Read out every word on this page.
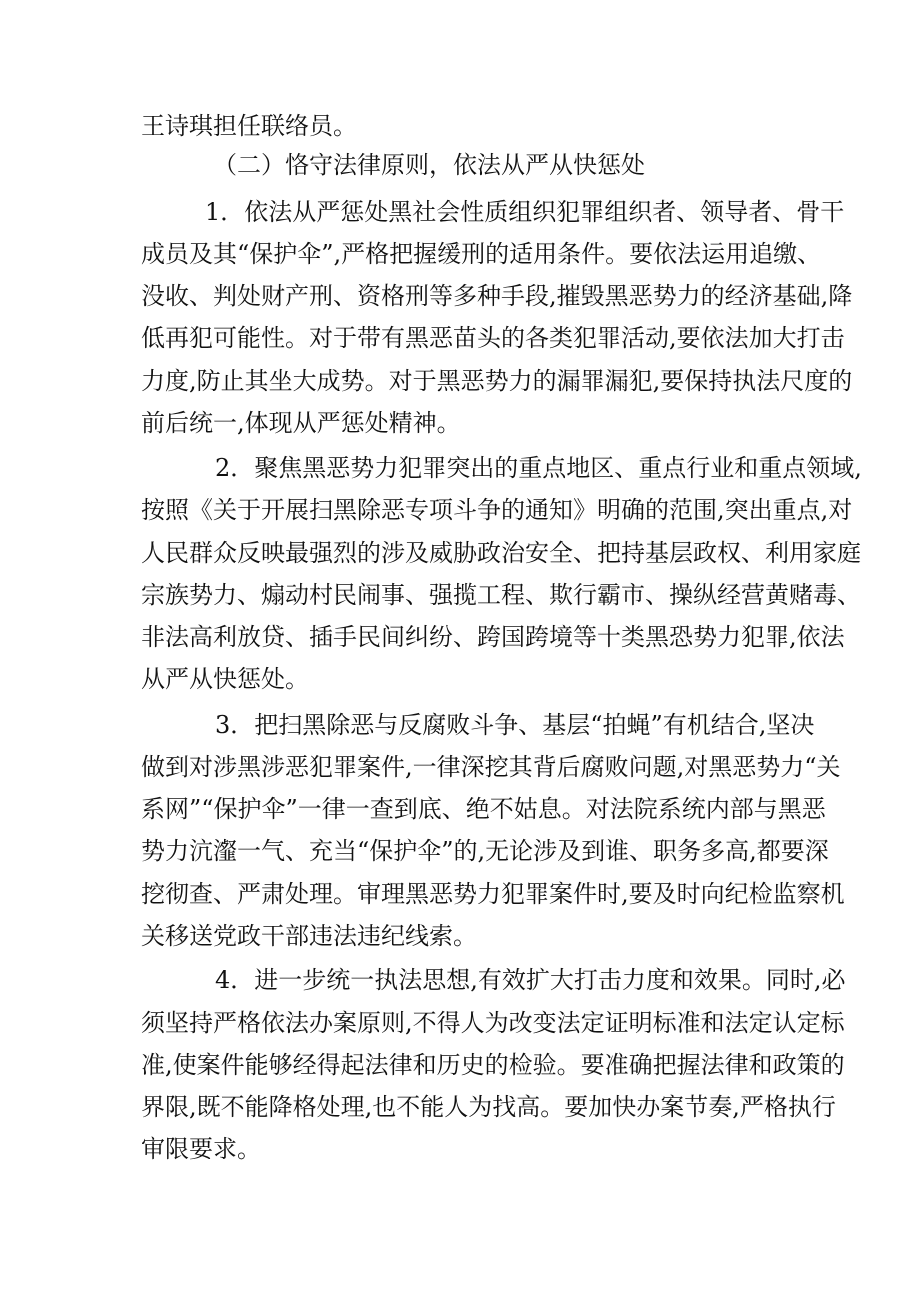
王诗琪担任联络员。

（二）恪守法律原则，依法从严从快惩处

1．依法从严惩处黑社会性质组织犯罪组织者、领导者、骨干

成员及其“保护伞”,严格把握缓刑的适用条件。要依法运用追缴、

没收、判处财产刑、资格刑等多种手段,摧毁黑恶势力的经济基础,降

低再犯可能性。对于带有黑恶苗头的各类犯罪活动,要依法加大打击

力度,防止其坐大成势。对于黑恶势力的漏罪漏犯,要保持执法尺度的

前后统一,体现从严惩处精神。

2．聚焦黑恶势力犯罪突出的重点地区、重点行业和重点领域,

按照《关于开展扫黑除恶专项斗争的通知》明确的范围,突出重点,对

人民群众反映最强烈的涉及威胁政治安全、把持基层政权、利用家庭

宗族势力、煽动村民闹事、强揽工程、欺行霸市、操纵经营黄赌毒、

非法高利放贷、插手民间纠纷、跨国跨境等十类黑恐势力犯罪,依法

从严从快惩处。

3．把扫黑除恶与反腐败斗争、基层“拍蝇”有机结合,坚决

做到对涉黑涉恶犯罪案件,一律深挖其背后腐败问题,对黑恶势力“关

系网”“保护伞”一律一查到底、绝不姑息。对法院系统内部与黑恶

势力沆瀣一气、充当“保护伞”的,无论涉及到谁、职务多高,都要深

挖彻查、严肃处理。审理黑恶势力犯罪案件时,要及时向纪检监察机

关移送党政干部违法违纪线索。

4．进一步统一执法思想,有效扩大打击力度和效果。同时,必

须坚持严格依法办案原则,不得人为改变法定证明标准和法定认定标

准,使案件能够经得起法律和历史的检验。要准确把握法律和政策的

界限,既不能降格处理,也不能人为找高。要加快办案节奏,严格执行

审限要求。
